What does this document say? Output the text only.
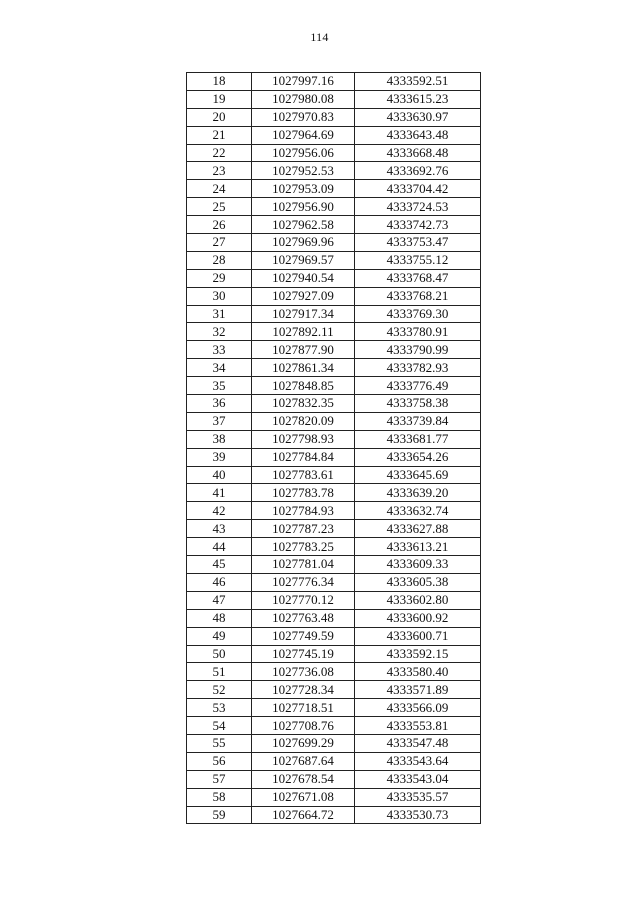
114
18	1027997.16	4333592.51
19	1027980.08	4333615.23
20	1027970.83	4333630.97
21	1027964.69	4333643.48
22	1027956.06	4333668.48
23	1027952.53	4333692.76
24	1027953.09	4333704.42
25	1027956.90	4333724.53
26	1027962.58	4333742.73
27	1027969.96	4333753.47
28	1027969.57	4333755.12
29	1027940.54	4333768.47
30	1027927.09	4333768.21
31	1027917.34	4333769.30
32	1027892.11	4333780.91
33	1027877.90	4333790.99
34	1027861.34	4333782.93
35	1027848.85	4333776.49
36	1027832.35	4333758.38
37	1027820.09	4333739.84
38	1027798.93	4333681.77
39	1027784.84	4333654.26
40	1027783.61	4333645.69
41	1027783.78	4333639.20
42	1027784.93	4333632.74
43	1027787.23	4333627.88
44	1027783.25	4333613.21
45	1027781.04	4333609.33
46	1027776.34	4333605.38
47	1027770.12	4333602.80
48	1027763.48	4333600.92
49	1027749.59	4333600.71
50	1027745.19	4333592.15
51	1027736.08	4333580.40
52	1027728.34	4333571.89
53	1027718.51	4333566.09
54	1027708.76	4333553.81
55	1027699.29	4333547.48
56	1027687.64	4333543.64
57	1027678.54	4333543.04
58	1027671.08	4333535.57
59	1027664.72	4333530.73
